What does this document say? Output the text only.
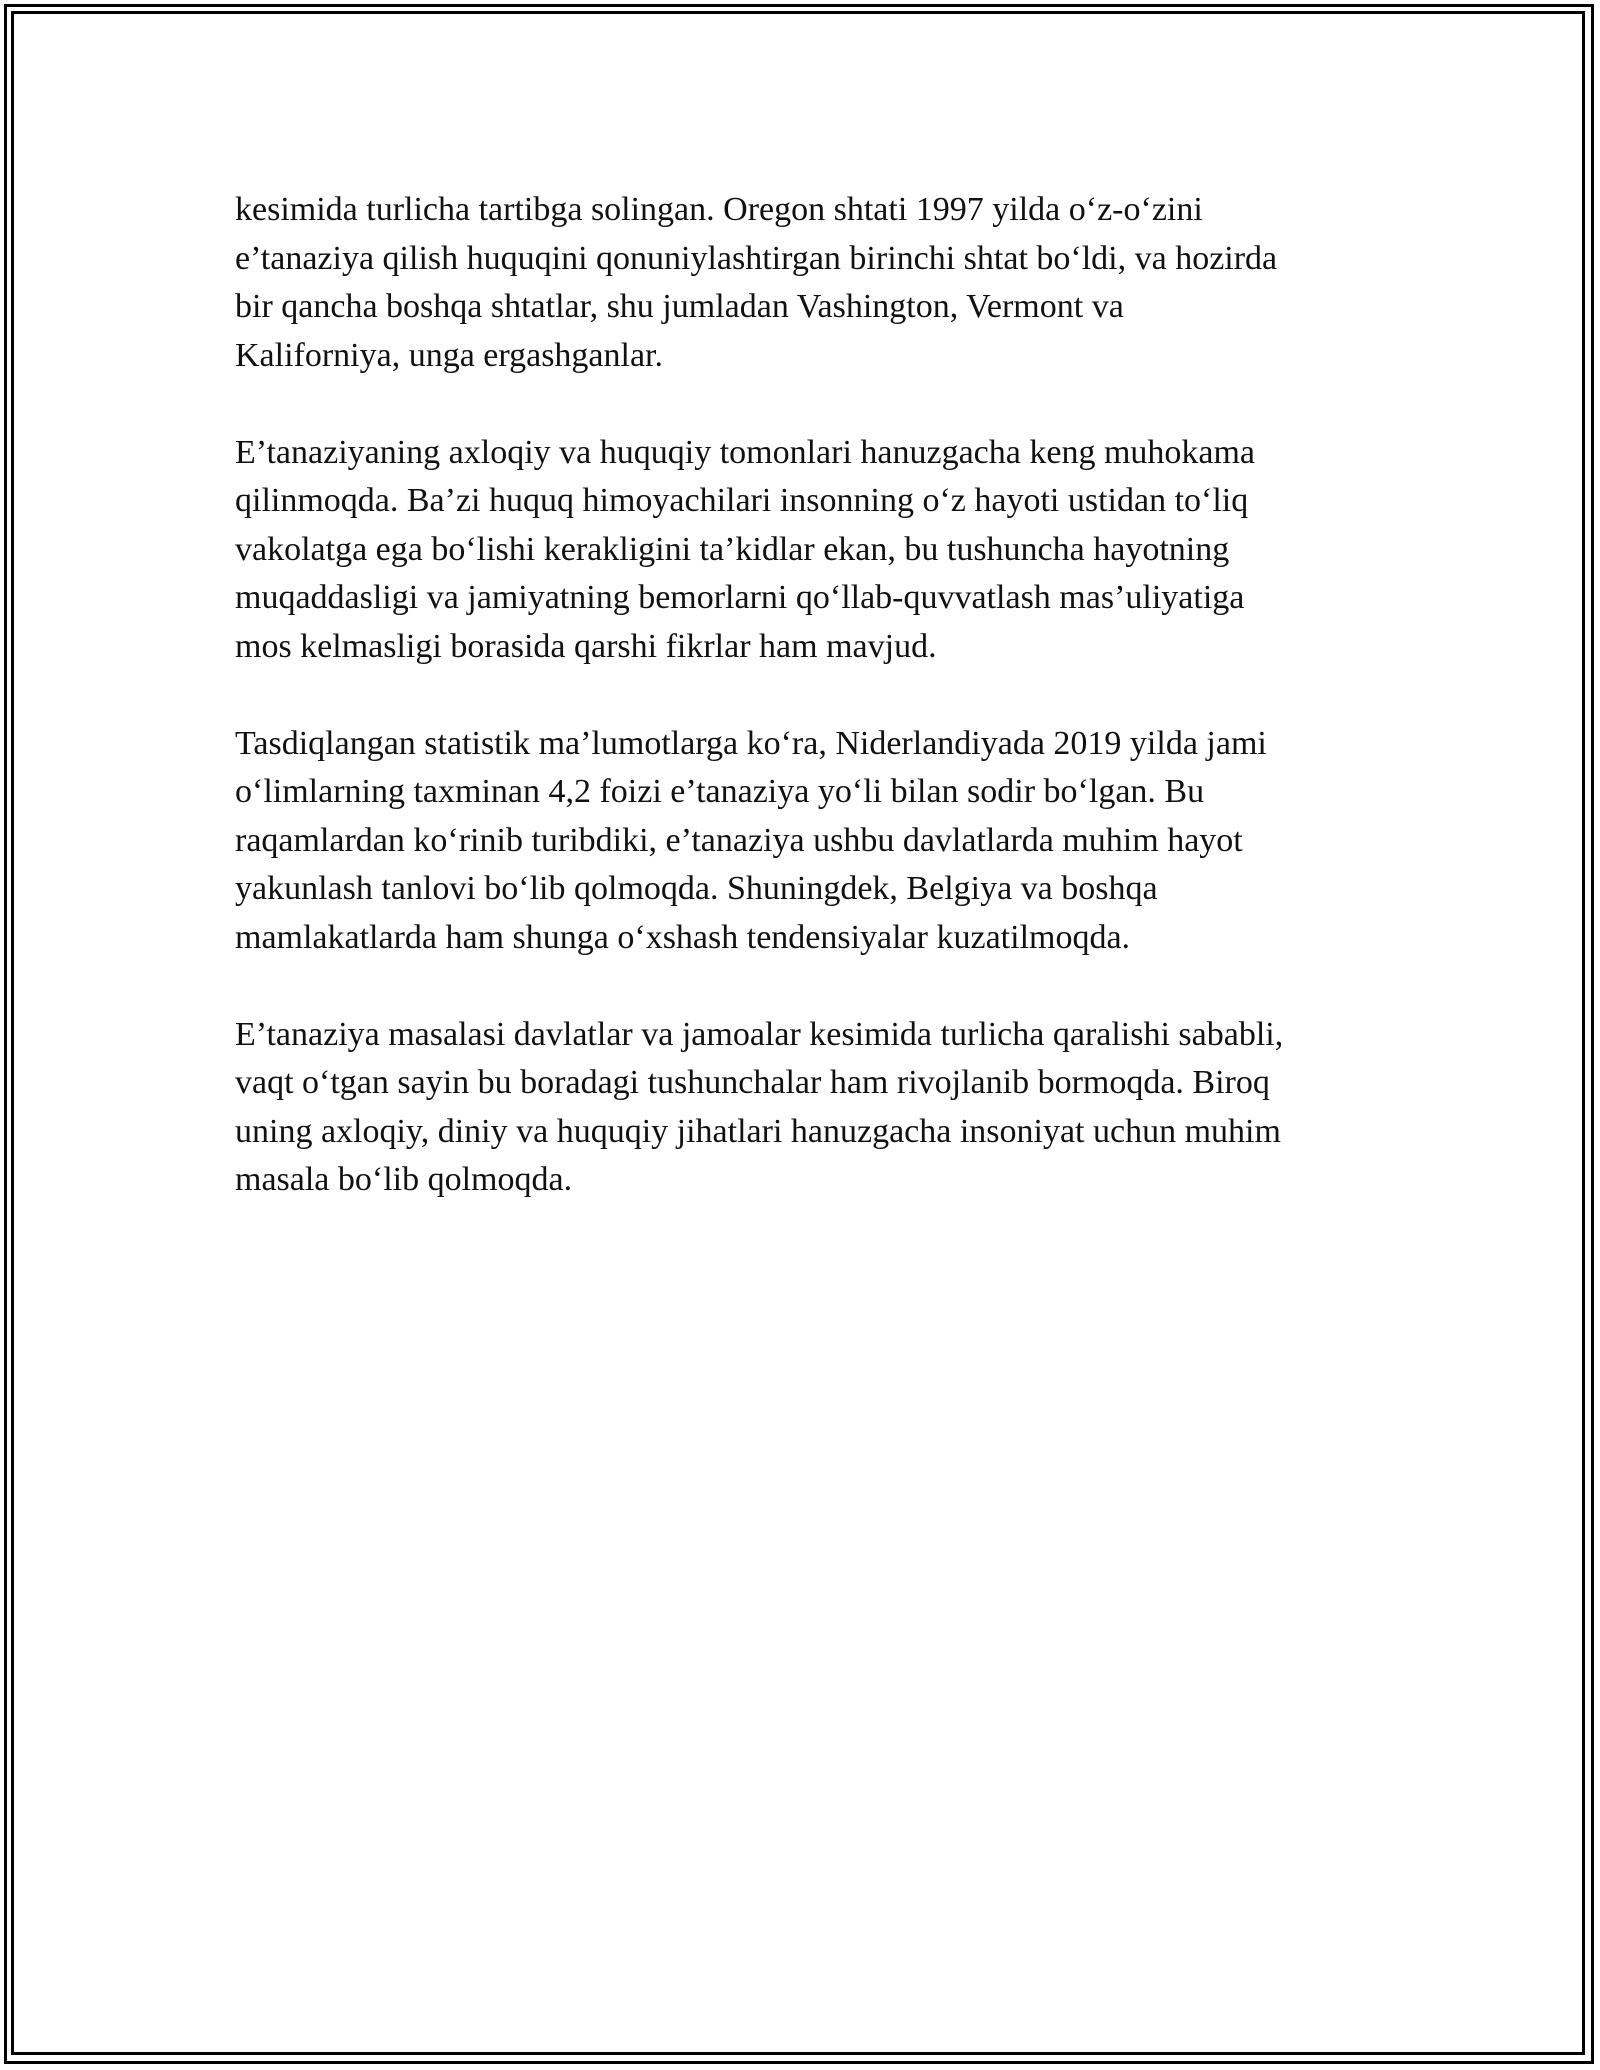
kesimida turlicha tartibga solingan. Oregon shtati 1997 yilda o‘z-o‘zini
e’tanaziya qilish huquqini qonuniylashtirgan birinchi shtat bo‘ldi, va hozirda
bir qancha boshqa shtatlar, shu jumladan Vashington, Vermont va
Kaliforniya, unga ergashganlar.

E’tanaziyaning axloqiy va huquqiy tomonlari hanuzgacha keng muhokama
qilinmoqda. Ba’zi huquq himoyachilari insonning o‘z hayoti ustidan to‘liq
vakolatga ega bo‘lishi kerakligini ta’kidlar ekan, bu tushuncha hayotning
muqaddasligi va jamiyatning bemorlarni qo‘llab-quvvatlash mas’uliyatiga
mos kelmasligi borasida qarshi fikrlar ham mavjud.

Tasdiqlangan statistik ma’lumotlarga ko‘ra, Niderlandiyada 2019 yilda jami
o‘limlarning taxminan 4,2 foizi e’tanaziya yo‘li bilan sodir bo‘lgan. Bu
raqamlardan ko‘rinib turibdiki, e’tanaziya ushbu davlatlarda muhim hayot
yakunlash tanlovi bo‘lib qolmoqda. Shuningdek, Belgiya va boshqa
mamlakatlarda ham shunga o‘xshash tendensiyalar kuzatilmoqda.

E’tanaziya masalasi davlatlar va jamoalar kesimida turlicha qaralishi sababli,
vaqt o‘tgan sayin bu boradagi tushunchalar ham rivojlanib bormoqda. Biroq
uning axloqiy, diniy va huquqiy jihatlari hanuzgacha insoniyat uchun muhim
masala bo‘lib qolmoqda.
